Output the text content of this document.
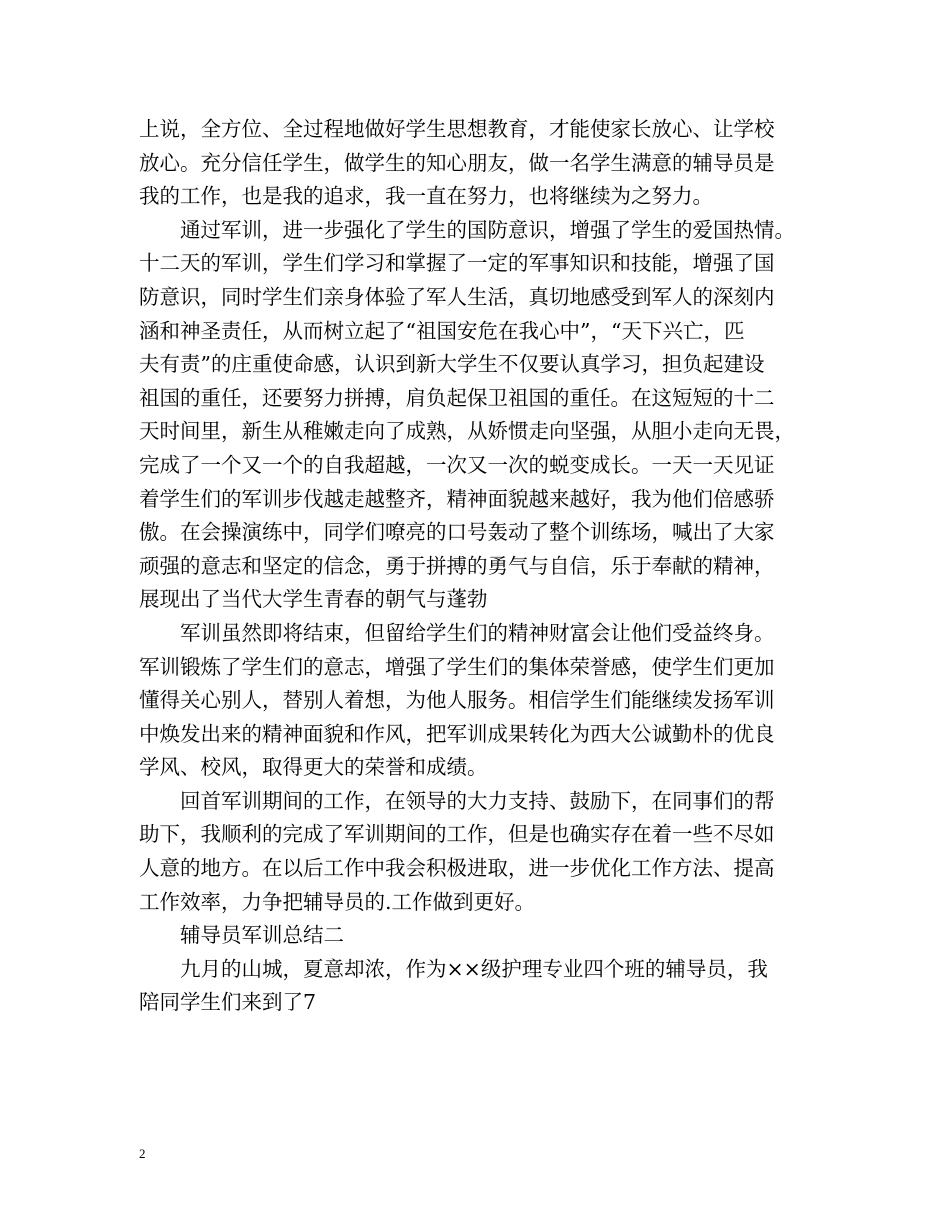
上说，全方位、全过程地做好学生思想教育，才能使家长放心、让学校
放心。充分信任学生，做学生的知心朋友，做一名学生满意的辅导员是
我的工作，也是我的追求，我一直在努力，也将继续为之努力。
通过军训，进一步强化了学生的国防意识，增强了学生的爱国热情。
十二天的军训，学生们学习和掌握了一定的军事知识和技能，增强了国
防意识，同时学生们亲身体验了军人生活，真切地感受到军人的深刻内
涵和神圣责任，从而树立起了“祖国安危在我心中”，“天下兴亡，匹
夫有责”的庄重使命感，认识到新大学生不仅要认真学习，担负起建设
祖国的重任，还要努力拼搏，肩负起保卫祖国的重任。在这短短的十二
天时间里，新生从稚嫩走向了成熟，从娇惯走向坚强，从胆小走向无畏，
完成了一个又一个的自我超越，一次又一次的蜕变成长。一天一天见证
着学生们的军训步伐越走越整齐，精神面貌越来越好，我为他们倍感骄
傲。在会操演练中，同学们嘹亮的口号轰动了整个训练场，喊出了大家
顽强的意志和坚定的信念，勇于拼搏的勇气与自信，乐于奉献的精神，
展现出了当代大学生青春的朝气与蓬勃
军训虽然即将结束，但留给学生们的精神财富会让他们受益终身。
军训锻炼了学生们的意志，增强了学生们的集体荣誉感，使学生们更加
懂得关心别人，替别人着想，为他人服务。相信学生们能继续发扬军训
中焕发出来的精神面貌和作风，把军训成果转化为西大公诚勤朴的优良
学风、校风，取得更大的荣誉和成绩。
回首军训期间的工作，在领导的大力支持、鼓励下，在同事们的帮
助下，我顺利的完成了军训期间的工作，但是也确实存在着一些不尽如
人意的地方。在以后工作中我会积极进取，进一步优化工作方法、提高
工作效率，力争把辅导员的.工作做到更好。
辅导员军训总结二
九月的山城，夏意却浓，作为××级护理专业四个班的辅导员，我
陪同学生们来到了7
2
